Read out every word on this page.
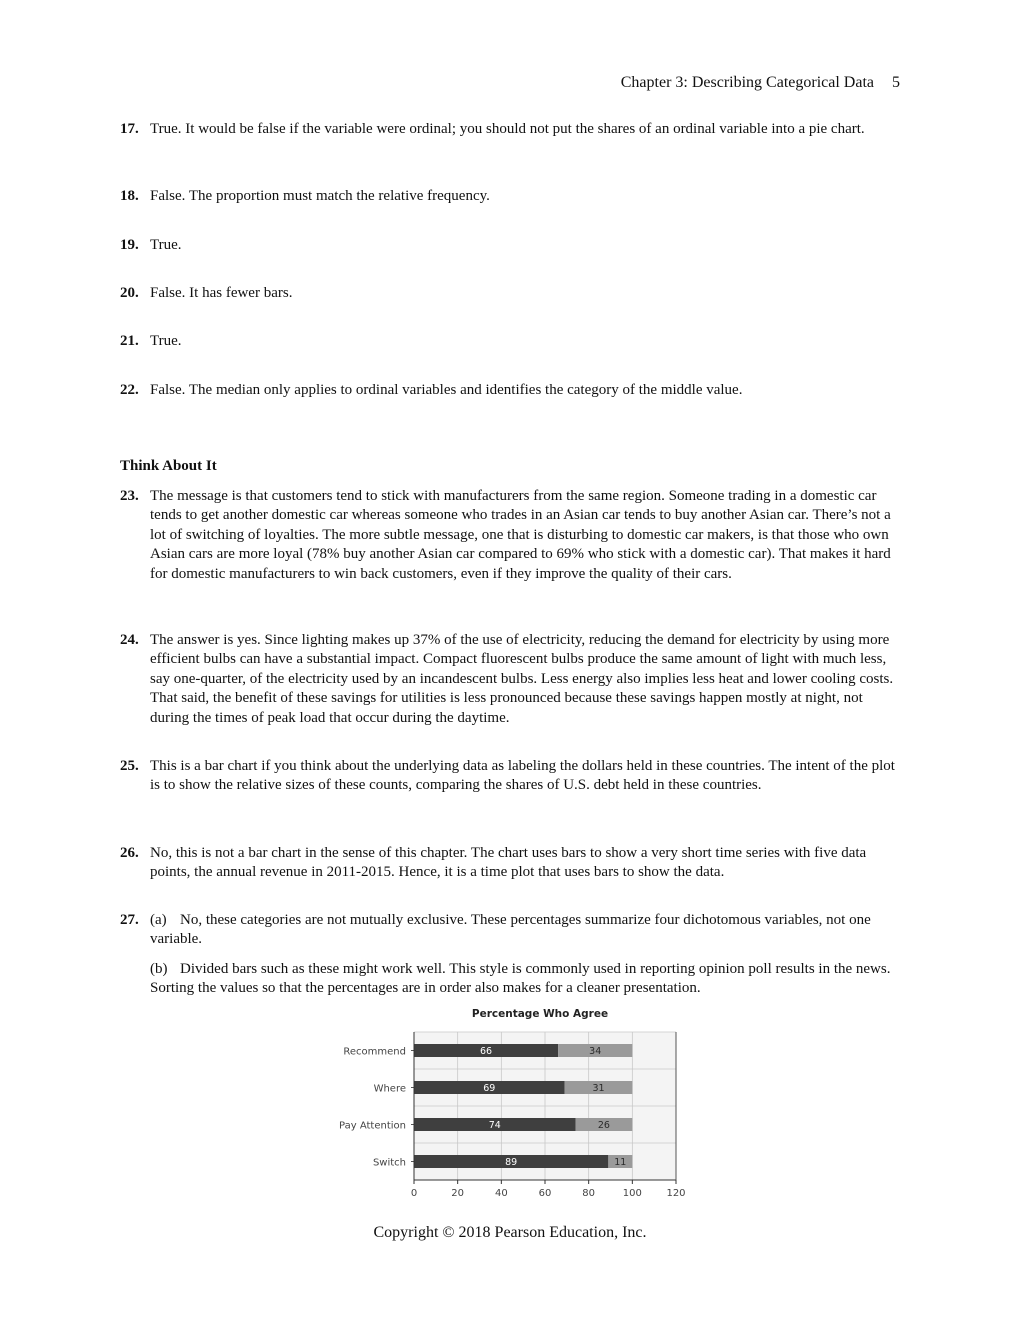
Chapter 3: Describing Categorical Data 5
17. True. It would be false if the variable were ordinal; you should not put the shares of an ordinal variable into a pie chart.
18. False. The proportion must match the relative frequency.
19. True.
20. False. It has fewer bars.
21. True.
22. False. The median only applies to ordinal variables and identifies the category of the middle value.
Think About It
23. The message is that customers tend to stick with manufacturers from the same region. Someone trading in a domestic car tends to get another domestic car whereas someone who trades in an Asian car tends to buy another Asian car. There’s not a lot of switching of loyalties. The more subtle message, one that is disturbing to domestic car makers, is that those who own Asian cars are more loyal (78% buy another Asian car compared to 69% who stick with a domestic car). That makes it hard for domestic manufacturers to win back customers, even if they improve the quality of their cars.
24. The answer is yes. Since lighting makes up 37% of the use of electricity, reducing the demand for electricity by using more efficient bulbs can have a substantial impact. Compact fluorescent bulbs produce the same amount of light with much less, say one-quarter, of the electricity used by an incandescent bulbs. Less energy also implies less heat and lower cooling costs. That said, the benefit of these savings for utilities is less pronounced because these savings happen mostly at night, not during the times of peak load that occur during the daytime.
25. This is a bar chart if you think about the underlying data as labeling the dollars held in these countries. The intent of the plot is to show the relative sizes of these counts, comparing the shares of U.S. debt held in these countries.
26. No, this is not a bar chart in the sense of this chapter. The chart uses bars to show a very short time series with five data points, the annual revenue in 2011-2015. Hence, it is a time plot that uses bars to show the data.
27. (a) No, these categories are not mutually exclusive. These percentages summarize four dichotomous variables, not one variable.
(b) Divided bars such as these might work well. This style is commonly used in reporting opinion poll results in the news. Sorting the values so that the percentages are in order also makes for a cleaner presentation.
Percentage Who Agree
Recommend	66	34
Where	69	31
Pay Attention	74	26
Switch	89	11
0	20	40	60	80	100 120
Copyright © 2018 Pearson Education, Inc.
